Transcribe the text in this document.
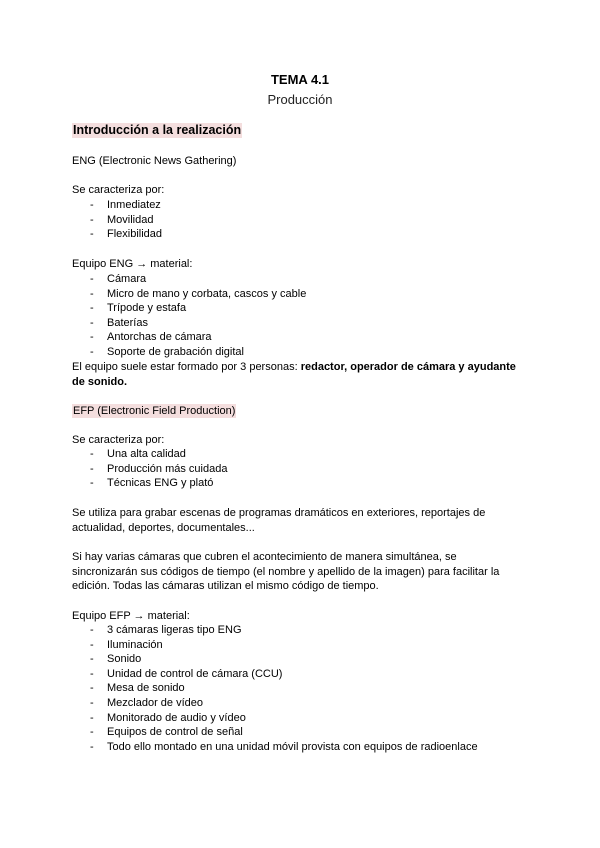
TEMA 4.1
Producción
Introducción a la realización
ENG (Electronic News Gathering)
Se caracteriza por:
- Inmediatez
- Movilidad
- Flexibilidad
Equipo ENG → material:
- Cámara
- Micro de mano y corbata, cascos y cable
- Trípode y estafa
- Baterías
- Antorchas de cámara
- Soporte de grabación digital
El equipo suele estar formado por 3 personas: redactor, operador de cámara y ayudante
de sonido.
EFP (Electronic Field Production)
Se caracteriza por:
- Una alta calidad
- Producción más cuidada
- Técnicas ENG y plató
Se utiliza para grabar escenas de programas dramáticos en exteriores, reportajes de
actualidad, deportes, documentales...
Si hay varias cámaras que cubren el acontecimiento de manera simultánea, se
sincronizarán sus códigos de tiempo (el nombre y apellido de la imagen) para facilitar la
edición. Todas las cámaras utilizan el mismo código de tiempo.
Equipo EFP → material:
- 3 cámaras ligeras tipo ENG
- Iluminación
- Sonido
- Unidad de control de cámara (CCU)
- Mesa de sonido
- Mezclador de vídeo
- Monitorado de audio y vídeo
- Equipos de control de señal
- Todo ello montado en una unidad móvil provista con equipos de radioenlace
